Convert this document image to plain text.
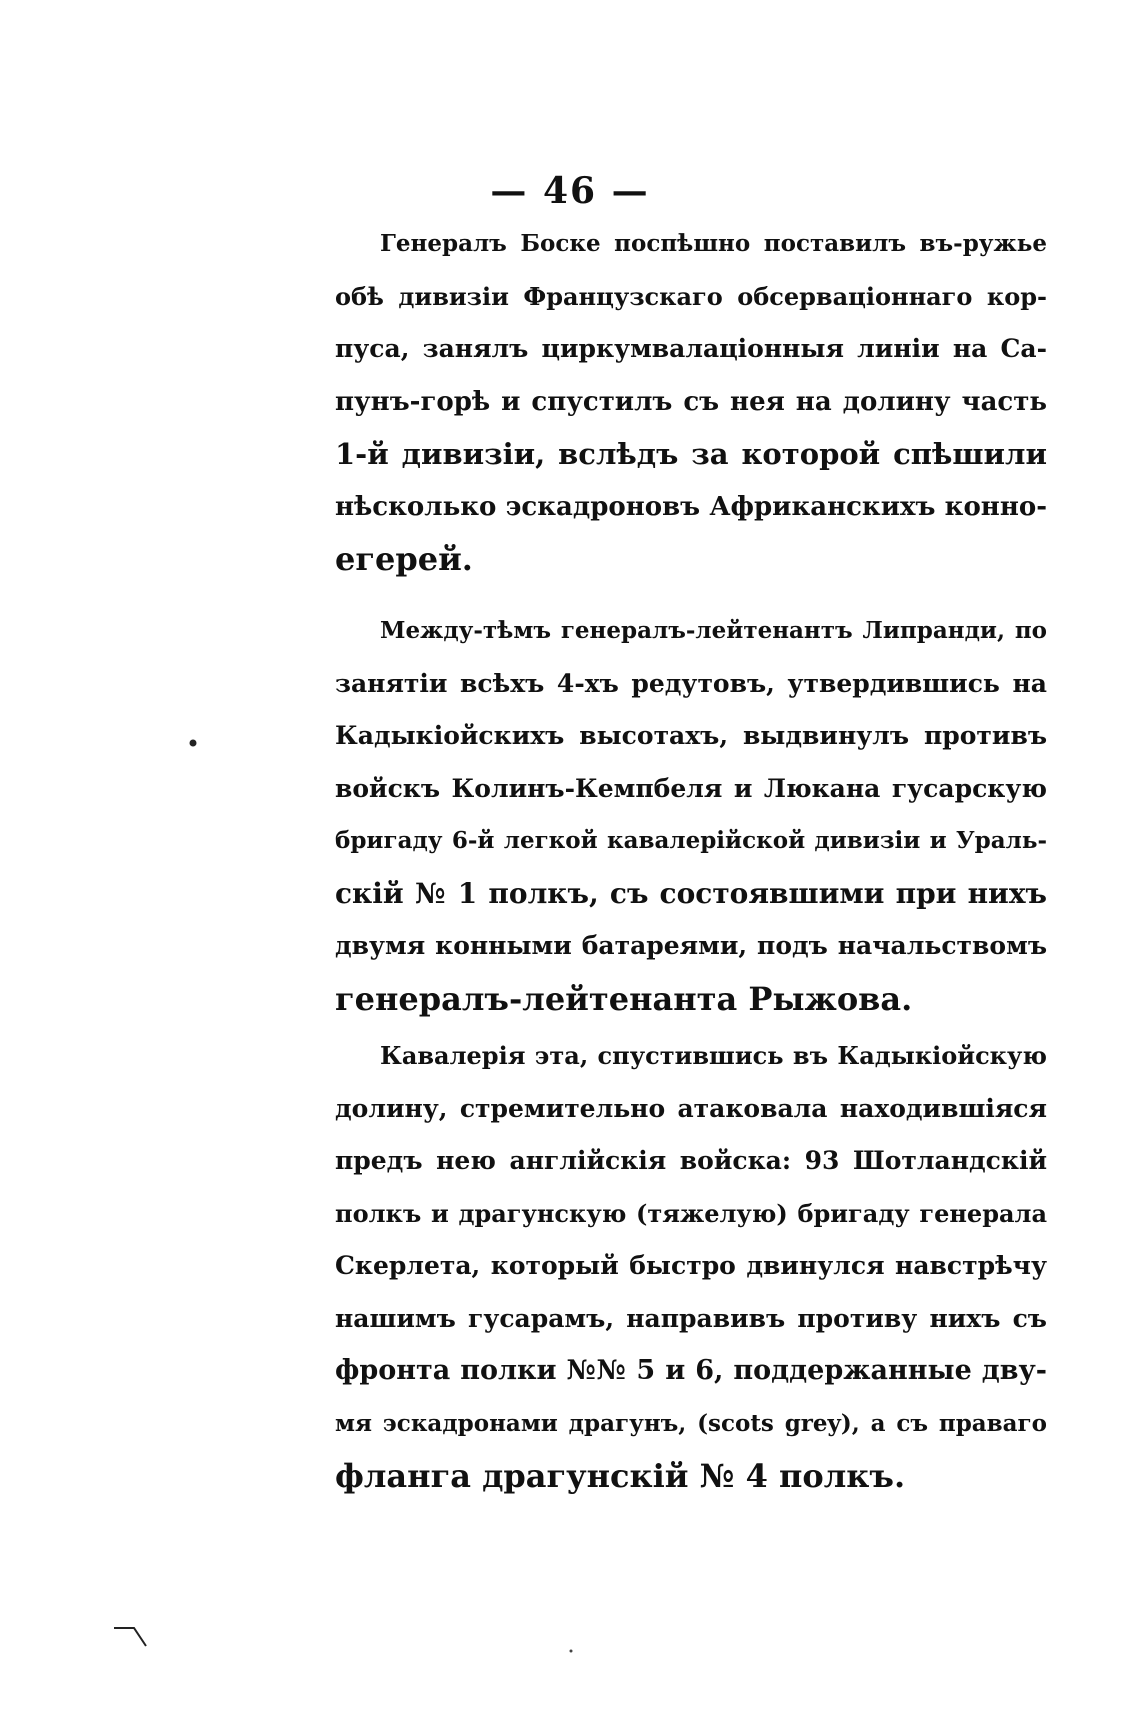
— 46 —
Генералъ Боске поспѣшно поставилъ въ-ружье
обѣ дивизіи Французскаго обсерваціоннаго кор-
пуса, занялъ циркумвалаціонныя линіи на Са-
пунъ-горѣ и спустилъ съ нея на долину часть
1-й дивизіи, вслѣдъ за которой спѣшили
нѣсколько эскадроновъ Африканскихъ конно-
егерей.
Между-тѣмъ генералъ-лейтенантъ Липранди, по
занятіи всѣхъ 4-хъ редутовъ, утвердившись на
Кадыкіойскихъ высотахъ, выдвинулъ противъ
войскъ Колинъ-Кемпбеля и Люкана гусарскую
бригаду 6-й легкой кавалерійской дивизіи и Ураль-
скій № 1 полкъ, съ состоявшими при нихъ
двумя конными батареями, подъ начальствомъ
генералъ-лейтенанта Рыжова.
Кавалерія эта, спустившись въ Кадыкіойскую
долину, стремительно атаковала находившіяся
предъ нею англійскія войска: 93 Шотландскій
полкъ и драгунскую (тяжелую) бригаду генерала
Скерлета, который быстро двинулся навстрѣчу
нашимъ гусарамъ, направивъ противу нихъ съ
фронта полки №№ 5 и 6, поддержанные дву-
мя эскадронами драгунъ, (scots grey), а съ праваго
фланга драгунскій № 4 полкъ.
